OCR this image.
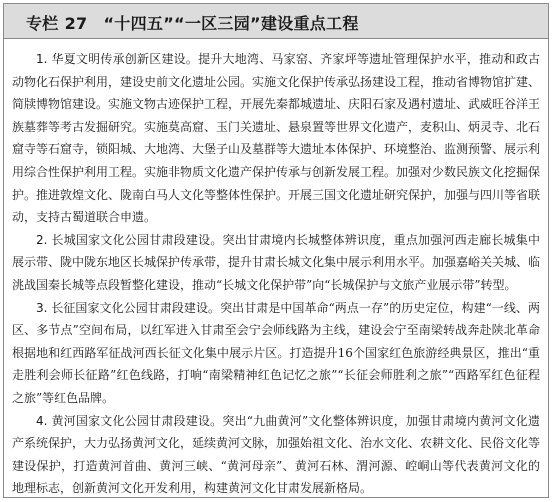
专栏 27 “十四五”“一区三园”建设重点工程

1. 华夏文明传承创新区建设。提升大地湾、马家窑、齐家坪等遗址管理保护水平，推动和政古动物化石保护利用，建设史前文化遗址公园。实施文化保护传承弘扬建设工程，推动省博物馆扩建、简牍博物馆建设。实施文物古迹保护工程，开展先秦都城遗址、庆阳石家及遇村遗址、武威旺谷洋王族墓葬等考古发掘研究。实施莫高窟、玉门关遗址、悬泉置等世界文化遗产，麦积山、炳灵寺、北石窟寺等石窟寺，锁阳城、大地湾、大堡子山及墓群等大遗址本体保护、环境整治、监测预警、展示利用综合性保护利用工程。实施非物质文化遗产保护传承与创新发展工程。加强对少数民族文化挖掘保护。推进敦煌文化、陇南白马人文化等整体性保护。开展三国文化遗址研究保护，加强与四川等省联动，支持古蜀道联合申遗。

2. 长城国家文化公园甘肃段建设。突出甘肃境内长城整体辨识度，重点加强河西走廊长城集中展示带、陇中陇东地区长城保护传承带，提升甘肃长城文化集中展示利用水平。加强嘉峪关关城、临洮战国秦长城等点段暂整化建设，推动“长城文化保护带”向“长城保护与文旅产业展示带”转型。

3. 长征国家文化公园甘肃段建设。突出甘肃是中国革命“两点一存”的历史定位，构建“一线、两区、多节点”空间布局，以红军进入甘肃至会宁会师线路为主线，建设会宁至南梁转战奔赴陕北革命根据地和红西路军征战河西长征文化集中展示片区。打造提升16个国家红色旅游经典景区，推出“重走胜利会师长征路”红色线路，打响“南梁精神红色记忆之旅”“长征会师胜利之旅”“西路军红色征程之旅”等红色品牌。

4. 黄河国家文化公园甘肃段建设。突出“九曲黄河”文化整体辨识度，加强甘肃境内黄河文化遗产系统保护，大力弘扬黄河文化，延续黄河文脉，加强始祖文化、治水文化、农耕文化、民俗文化等建设保护，打造黄河首曲、黄河三峡、“黄河母亲”、黄河石林、渭河源、崆峒山等代表黄河文化的地理标志，创新黄河文化开发利用，构建黄河文化甘肃发展新格局。
